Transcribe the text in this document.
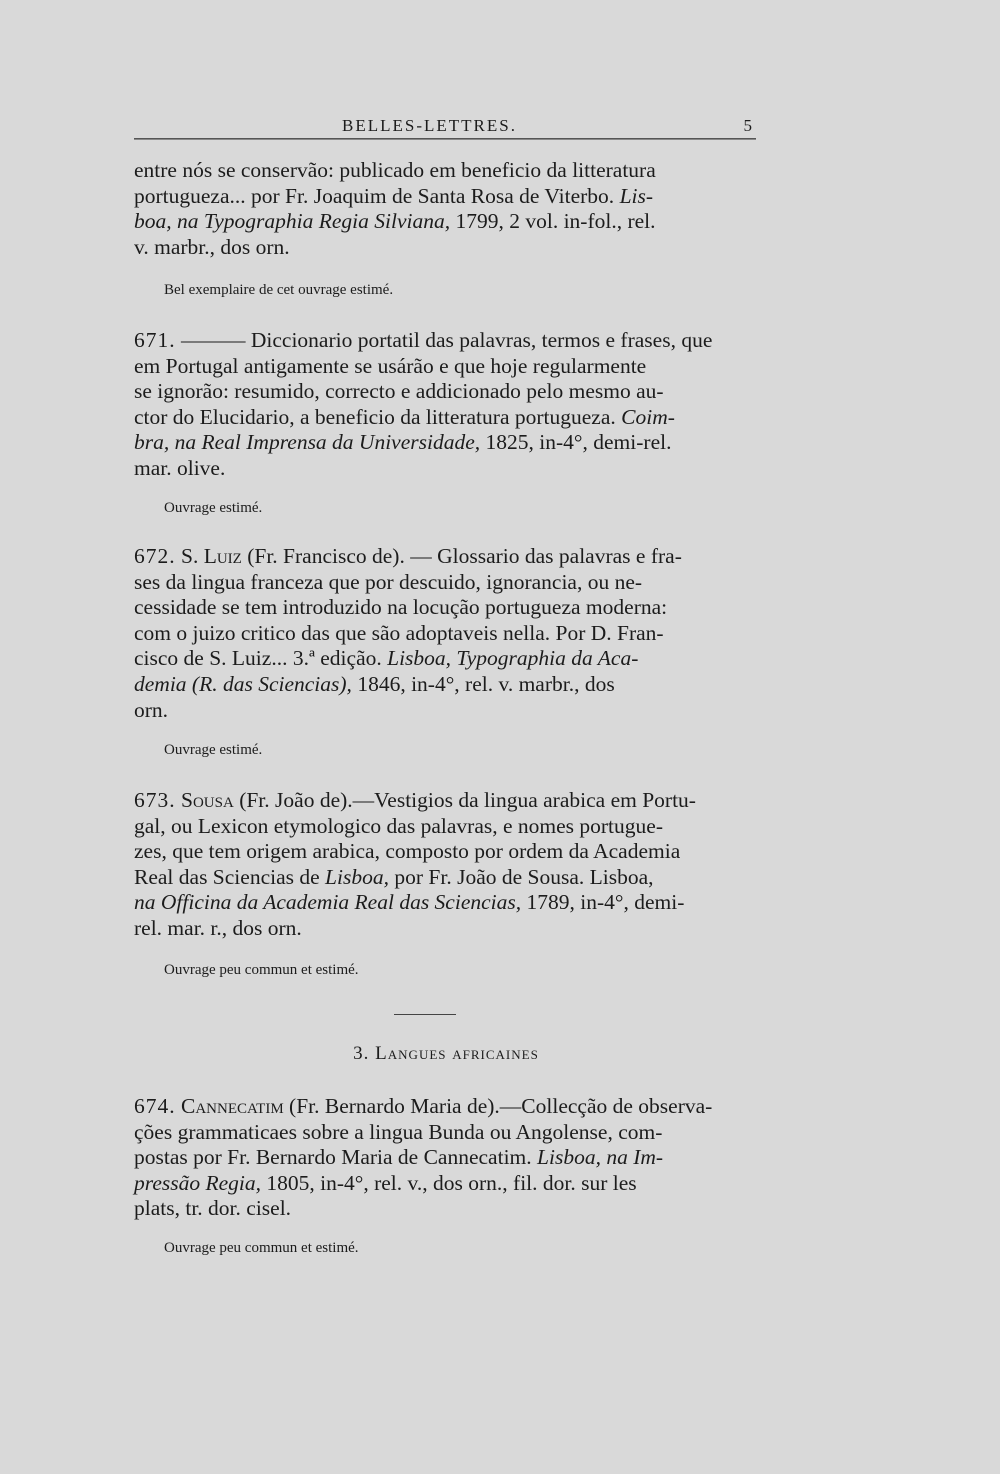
BELLES-LETTRES.	5

entre nós se conservão: publicado em beneficio da litteratura

portugueza... por Fr. Joaquim de Santa Rosa de Viterbo. Lis-

boa, na Typographia Regia Silviana, 1799, 2 vol. in-fol., rel.

v. marbr., dos orn.

Bel exemplaire de cet ouvrage estimé.

671. ——— Diccionario portatil das palavras, termos e frases, que

em Portugal antigamente se usárão e que hoje regularmente

se ignorão: resumido, correcto e addicionado pelo mesmo au-

ctor do Elucidario, a beneficio da litteratura portugueza. Coim-

bra, na Real Imprensa da Universidade, 1825, in-4°, demi-rel.

mar. olive.

Ouvrage estimé.

672. S. Luiz (Fr. Francisco de). — Glossario das palavras e fra-

ses da lingua franceza que por descuido, ignorancia, ou ne-

cessidade se tem introduzido na locução portugueza moderna:

com o juizo critico das que são adoptaveis nella. Por D. Fran-

cisco de S. Luiz... 3.ª edição. Lisboa, Typographia da Aca-

demia (R. das Sciencias), 1846, in-4°, rel. v. marbr., dos

orn.

Ouvrage estimé.

673. Sousa (Fr. João de).—Vestigios da lingua arabica em Portu-

gal, ou Lexicon etymologico das palavras, e nomes portugue-

zes, que tem origem arabica, composto por ordem da Academia

Real das Sciencias de Lisboa, por Fr. João de Sousa. Lisboa,

na Officina da Academia Real das Sciencias, 1789, in-4°, demi-

rel. mar. r., dos orn.

Ouvrage peu commun et estimé.
3. Langues africaines

674. Cannecatim (Fr. Bernardo Maria de).—Collecção de observa-

ções grammaticaes sobre a lingua Bunda ou Angolense, com-

postas por Fr. Bernardo Maria de Cannecatim. Lisboa, na Im-

pressão Regia, 1805, in-4°, rel. v., dos orn., fil. dor. sur les

plats, tr. dor. cisel.

Ouvrage peu commun et estimé.
